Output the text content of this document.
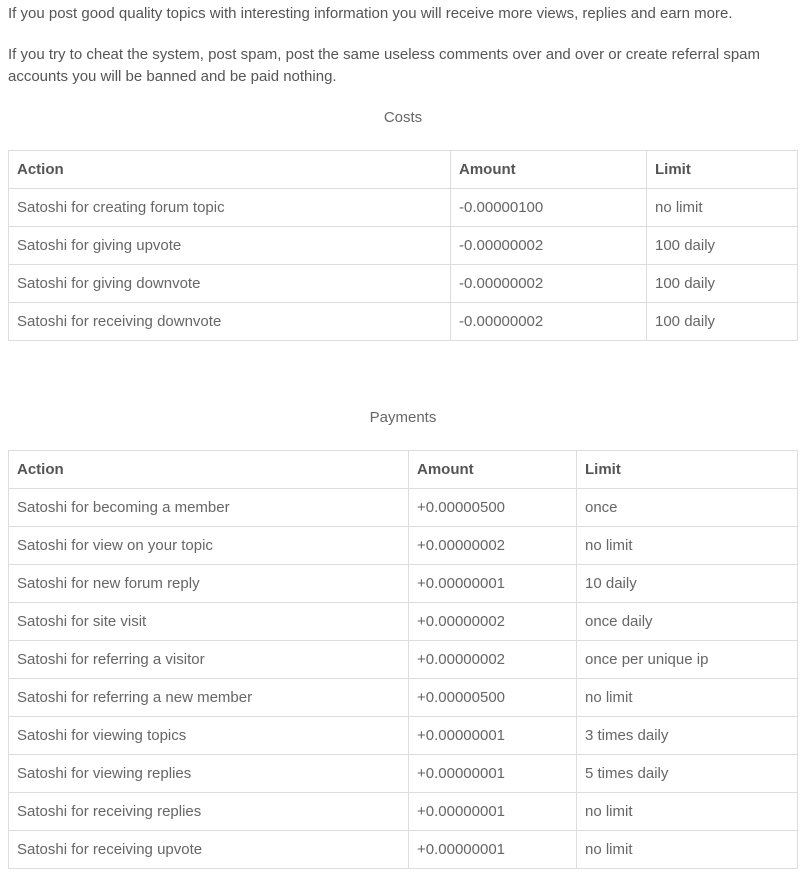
If you post good quality topics with interesting information you will receive more views, replies and earn more.

If you try to cheat the system, post spam, post the same useless comments over and over or create referral spam accounts you will be banned and be paid nothing.

Costs
Action	Amount	Limit
Satoshi for creating forum topic	-0.00000100	no limit
Satoshi for giving upvote	-0.00000002	100 daily
Satoshi for giving downvote	-0.00000002	100 daily
Satoshi for receiving downvote	-0.00000002	100 daily
Payments
Action	Amount	Limit
Satoshi for becoming a member	+0.00000500	once
Satoshi for view on your topic	+0.00000002	no limit
Satoshi for new forum reply	+0.00000001	10 daily
Satoshi for site visit	+0.00000002	once daily
Satoshi for referring a visitor	+0.00000002	once per unique ip
Satoshi for referring a new member	+0.00000500	no limit
Satoshi for viewing topics	+0.00000001	3 times daily
Satoshi for viewing replies	+0.00000001	5 times daily
Satoshi for receiving replies	+0.00000001	no limit
Satoshi for receiving upvote	+0.00000001	no limit
